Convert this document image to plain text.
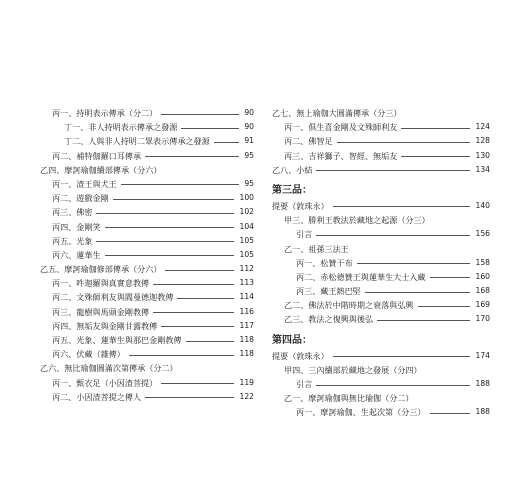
丙一、持明表示傳承（分二）	90
丁一、非人持明表示傳承之發源	90
丁二、人與非人持明二眾表示傳承之發源	91
丙二、補特伽羅口耳傳承	95
乙四、摩訶瑜伽續部傳承（分六）
丙一、渣王與犬王	95
丙二、遊戲金剛	100
丙三、佛密	102
丙四、金剛笑	104
丙五、光象	105
丙六、蓮華生	105
乙五、摩訶瑜伽修部傳承（分六）	112
丙一、吽迦羅與真實意教傳	113
丙二、文殊師利友與閻曼德迦教傳	114
丙三、龍樹與馬頭金剛教傳	116
丙四、無垢友與金剛甘露教傳	117
丙五、光象、蓮華生與那巴金剛教傳	118
丙六、伏藏（雜傳）	118
乙六、無比瑜伽圓滿次第傳承（分二）
丙一、甄衣足（小因渣菩提）	119
丙二、小因渣菩提之傳人	122
乙七、無上瑜伽大圓滿傳承（分三）
丙一、俱生喜金剛及文殊師利友	124
丙二、佛智足	128
丙三、吉祥獅子、智經、無垢友	130
乙八、小結	134
第三品：
提要（敦珠永）	140
甲三、勝利王教法於藏地之起源（分三）
引言	156
乙一、祖孫三法王
丙一、松贊干布	158
丙二、赤松德贊王與蓮華生大士入藏	160
丙三、藏王熱巴堅	168
乙二、佛法於中階時期之衰落與弘興	169
乙三、教法之復興與後弘	170
第四品：
提要（敦珠永）	174
甲四、三內續部於藏地之發展（分四）
引言	188
乙一、摩訶瑜伽與無比瑜伽（分二）
丙一、摩訶瑜伽、生起次第（分三）	188
